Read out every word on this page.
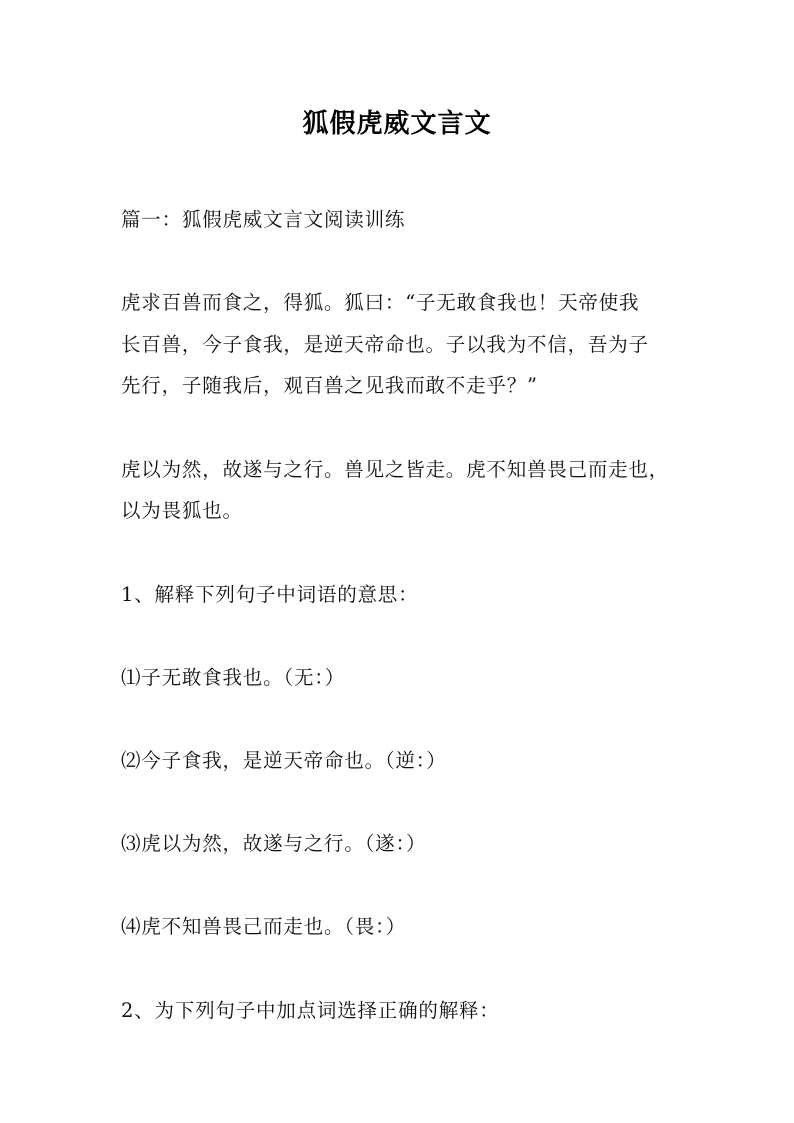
狐假虎威文言文
篇一：狐假虎威文言文阅读训练
虎求百兽而食之，得狐。狐曰：“子无敢食我也！天帝使我
长百兽，今子食我，是逆天帝命也。子以我为不信，吾为子
先行，子随我后，观百兽之见我而敢不走乎？”
虎以为然，故遂与之行。兽见之皆走。虎不知兽畏己而走也，
以为畏狐也。
1、解释下列句子中词语的意思：
⑴子无敢食我也。（无：）
⑵今子食我，是逆天帝命也。（逆：）
⑶虎以为然，故遂与之行。（遂：）
⑷虎不知兽畏己而走也。（畏：）
2、为下列句子中加点词选择正确的解释：
